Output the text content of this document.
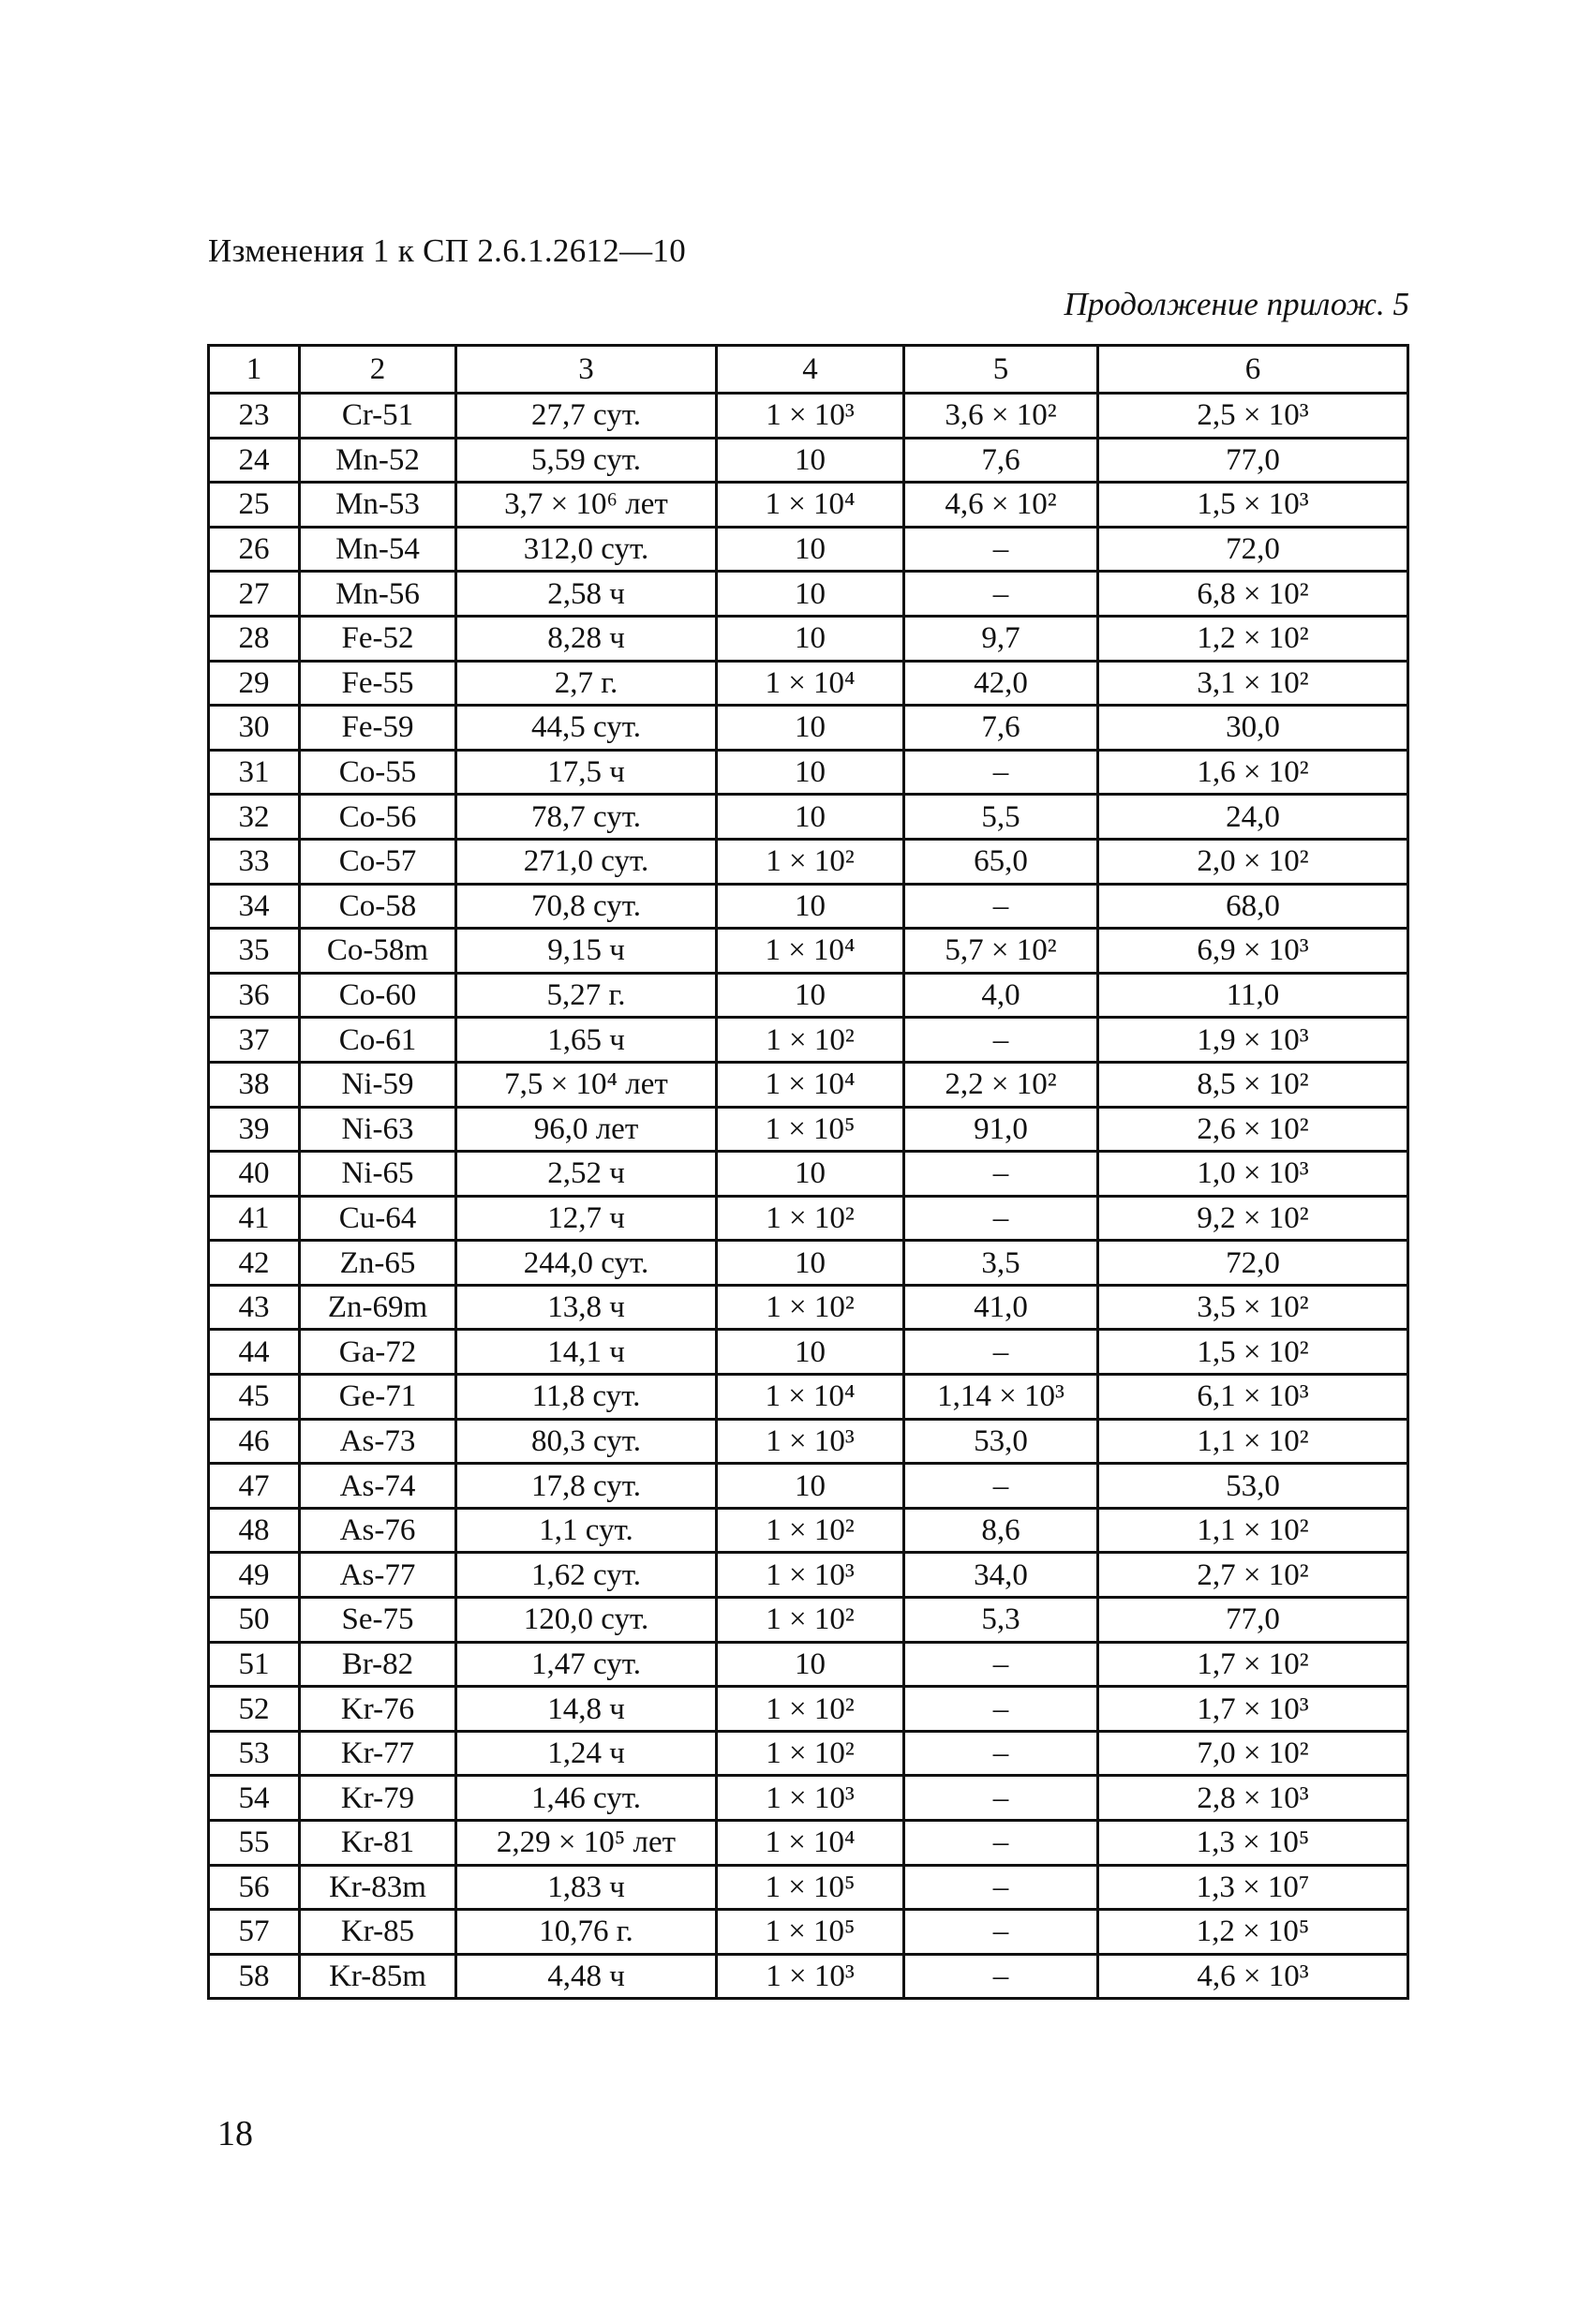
Изменения 1 к СП 2.6.1.2612—10
Продолжение прилож. 5
1	2	3	4	5	6
23	Cr-51	27,7 сут.	1 × 10³	3,6 × 10²	2,5 × 10³
24	Mn-52	5,59 сут.	10	7,6	77,0
25	Mn-53	3,7 × 10⁶ лет	1 × 10⁴	4,6 × 10²	1,5 × 10³
26	Mn-54	312,0 сут.	10	–	72,0
27	Mn-56	2,58 ч	10	–	6,8 × 10²
28	Fe-52	8,28 ч	10	9,7	1,2 × 10²
29	Fe-55	2,7 г.	1 × 10⁴	42,0	3,1 × 10²
30	Fe-59	44,5 сут.	10	7,6	30,0
31	Co-55	17,5 ч	10	–	1,6 × 10²
32	Co-56	78,7 сут.	10	5,5	24,0
33	Co-57	271,0 сут.	1 × 10²	65,0	2,0 × 10²
34	Co-58	70,8 сут.	10	–	68,0
35	Co-58m	9,15 ч	1 × 10⁴	5,7 × 10²	6,9 × 10³
36	Co-60	5,27 г.	10	4,0	11,0
37	Co-61	1,65 ч	1 × 10²	–	1,9 × 10³
38	Ni-59	7,5 × 10⁴ лет	1 × 10⁴	2,2 × 10²	8,5 × 10²
39	Ni-63	96,0 лет	1 × 10⁵	91,0	2,6 × 10²
40	Ni-65	2,52 ч	10	–	1,0 × 10³
41	Cu-64	12,7 ч	1 × 10²	–	9,2 × 10²
42	Zn-65	244,0 сут.	10	3,5	72,0
43	Zn-69m	13,8 ч	1 × 10²	41,0	3,5 × 10²
44	Ga-72	14,1 ч	10	–	1,5 × 10²
45	Ge-71	11,8 сут.	1 × 10⁴	1,14 × 10³	6,1 × 10³
46	As-73	80,3 сут.	1 × 10³	53,0	1,1 × 10²
47	As-74	17,8 сут.	10	–	53,0
48	As-76	1,1 сут.	1 × 10²	8,6	1,1 × 10²
49	As-77	1,62 сут.	1 × 10³	34,0	2,7 × 10²
50	Se-75	120,0 сут.	1 × 10²	5,3	77,0
51	Br-82	1,47 сут.	10	–	1,7 × 10²
52	Kr-76	14,8 ч	1 × 10²	–	1,7 × 10³
53	Kr-77	1,24 ч	1 × 10²	–	7,0 × 10²
54	Kr-79	1,46 сут.	1 × 10³	–	2,8 × 10³
55	Kr-81	2,29 × 10⁵ лет	1 × 10⁴	–	1,3 × 10⁵
56	Kr-83m	1,83 ч	1 × 10⁵	–	1,3 × 10⁷
57	Kr-85	10,76 г.	1 × 10⁵	–	1,2 × 10⁵
58	Kr-85m	4,48 ч	1 × 10³	–	4,6 × 10³
18
